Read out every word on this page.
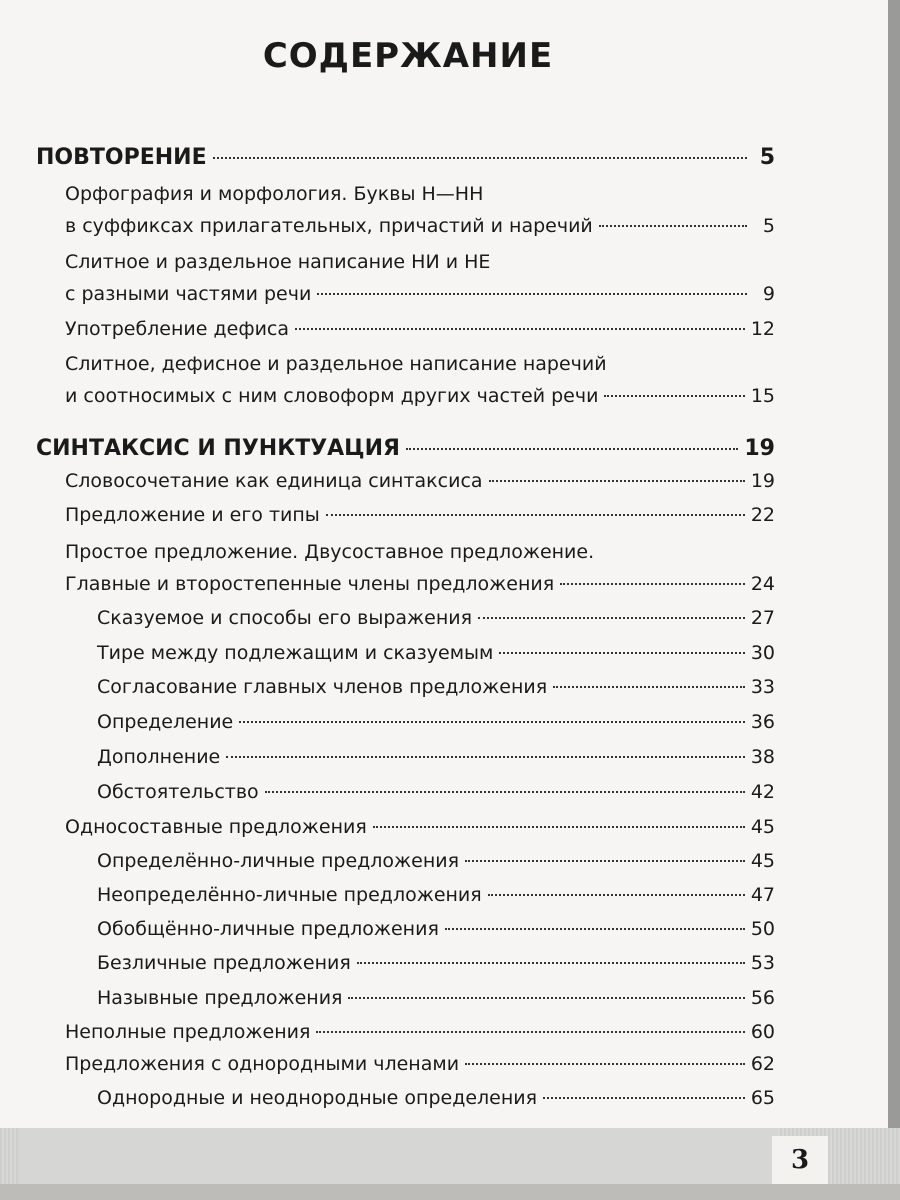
3
СОДЕРЖАНИЕ
ПОВТОРЕНИЕ	5
Орфография и морфология. Буквы Н—НН
в суффиксах прилагательных, причастий и наречий	5
Слитное и раздельное написание НИ и НЕ
с разными частями речи	9
Употребление дефиса	12
Слитное, дефисное и раздельное написание наречий
и соотносимых с ним словоформ других частей речи	15
СИНТАКСИС И ПУНКТУАЦИЯ	19
Словосочетание как единица синтаксиса	19
Предложение и его типы	22
Простое предложение. Двусоставное предложение.
Главные и второстепенные члены предложения	24
Сказуемое и способы его выражения	27
Тире между подлежащим и сказуемым	30
Согласование главных членов предложения	33
Определение	36
Дополнение	38
Обстоятельство	42
Односоставные предложения	45
Определённо-личные предложения	45
Неопределённо-личные предложения	47
Обобщённо-личные предложения	50
Безличные предложения	53
Назывные предложения	56
Неполные предложения	60
Предложения с однородными членами	62
Однородные и неоднородные определения	65
